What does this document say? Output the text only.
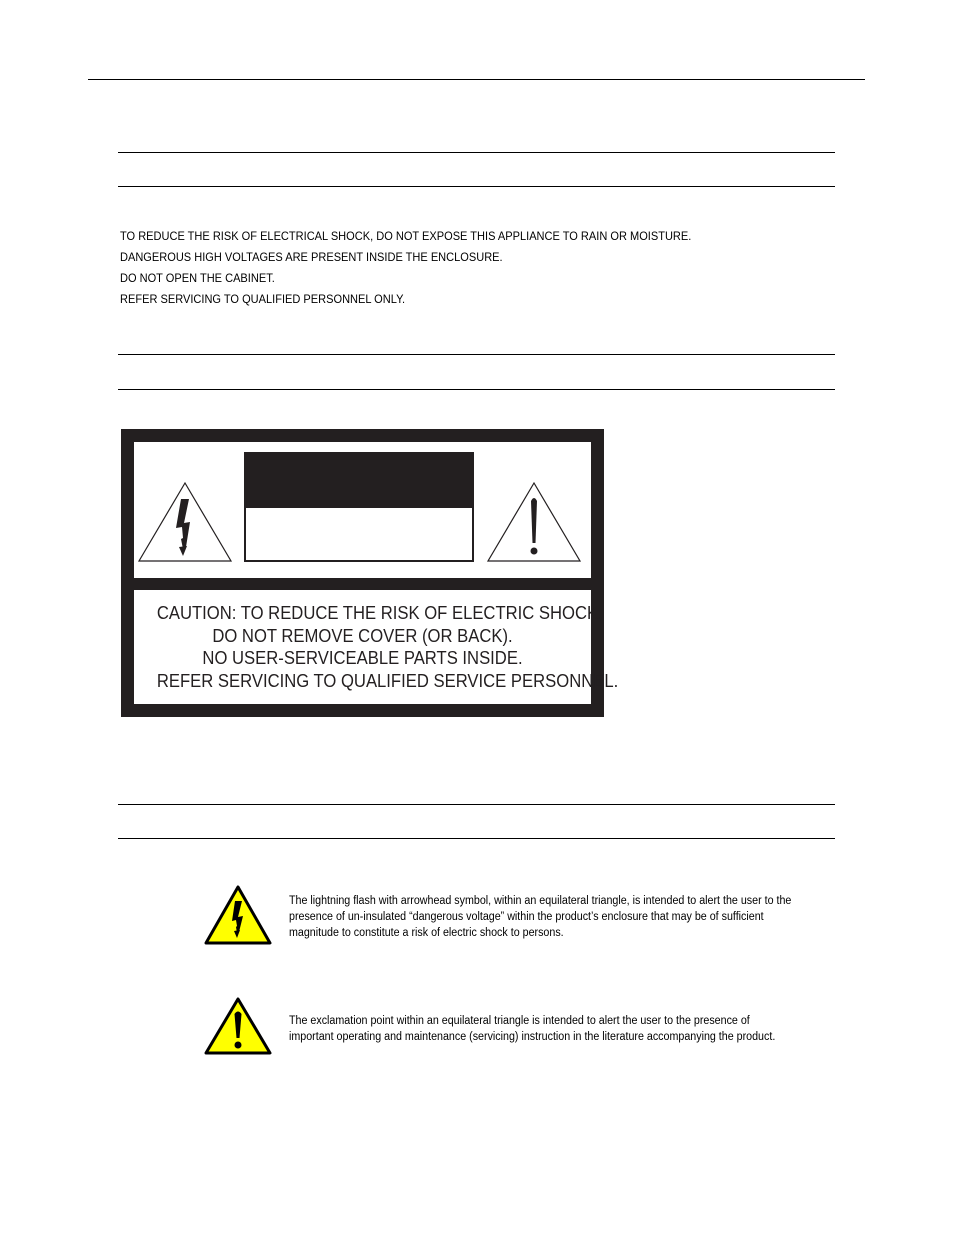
TO REDUCE THE RISK OF ELECTRICAL SHOCK, DO NOT EXPOSE THIS APPLIANCE TO RAIN OR MOISTURE.
DANGEROUS HIGH VOLTAGES ARE PRESENT INSIDE THE ENCLOSURE.
DO NOT OPEN THE CABINET.
REFER SERVICING TO QUALIFIED PERSONNEL ONLY.
CAUTION: TO REDUCE THE RISK OF ELECTRIC SHOCK,
DO NOT REMOVE COVER (OR BACK).
NO USER-SERVICEABLE PARTS INSIDE.
REFER SERVICING TO QUALIFIED SERVICE PERSONNEL.
The lightning flash with arrowhead symbol, within an equilateral triangle, is intended to alert the user to the presence of un-insulated “dangerous voltage” within the product’s enclosure that may be of sufficient magnitude to constitute a risk of electric shock to persons.
The exclamation point within an equilateral triangle is intended to alert the user to the presence of important operating and maintenance (servicing) instruction in the literature accompanying the product.
